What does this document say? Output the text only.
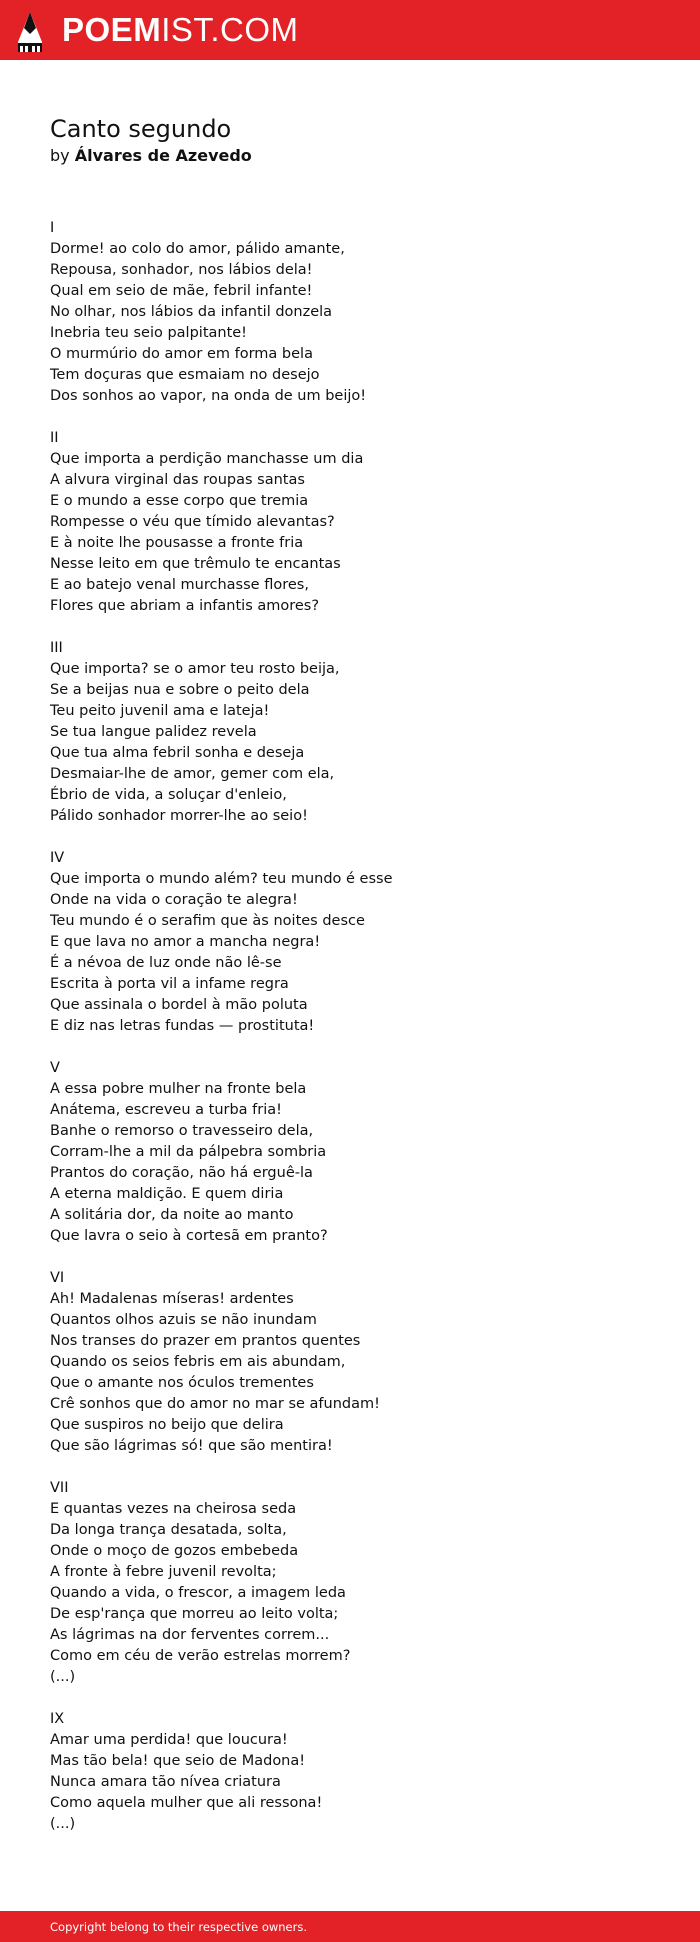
POEMIST.COM
Canto segundo
by Álvares de Azevedo
I
Dorme! ao colo do amor, pálido amante,
Repousa, sonhador, nos lábios dela!
Qual em seio de mãe, febril infante!
No olhar, nos lábios da infantil donzela
Inebria teu seio palpitante!
O murmúrio do amor em forma bela
Tem doçuras que esmaiam no desejo
Dos sonhos ao vapor, na onda de um beijo!
II
Que importa a perdição manchasse um dia
A alvura virginal das roupas santas
E o mundo a esse corpo que tremia
Rompesse o véu que tímido alevantas?
E à noite lhe pousasse a fronte fria
Nesse leito em que trêmulo te encantas
E ao batejo venal murchasse flores,
Flores que abriam a infantis amores?
III
Que importa? se o amor teu rosto beija,
Se a beijas nua e sobre o peito dela
Teu peito juvenil ama e lateja!
Se tua langue palidez revela
Que tua alma febril sonha e deseja
Desmaiar-lhe de amor, gemer com ela,
Ébrio de vida, a soluçar d'enleio,
Pálido sonhador morrer-lhe ao seio!
IV
Que importa o mundo além? teu mundo é esse
Onde na vida o coração te alegra!
Teu mundo é o serafim que às noites desce
E que lava no amor a mancha negra!
É a névoa de luz onde não lê-se
Escrita à porta vil a infame regra
Que assinala o bordel à mão poluta
E diz nas letras fundas — prostituta!
V
A essa pobre mulher na fronte bela
Anátema, escreveu a turba fria!
Banhe o remorso o travesseiro dela,
Corram-lhe a mil da pálpebra sombria
Prantos do coração, não há erguê-la
A eterna maldição. E quem diria
A solitária dor, da noite ao manto
Que lavra o seio à cortesã em pranto?
VI
Ah! Madalenas míseras! ardentes
Quantos olhos azuis se não inundam
Nos transes do prazer em prantos quentes
Quando os seios febris em ais abundam,
Que o amante nos óculos trementes
Crê sonhos que do amor no mar se afundam!
Que suspiros no beijo que delira
Que são lágrimas só! que são mentira!
VII
E quantas vezes na cheirosa seda
Da longa trança desatada, solta,
Onde o moço de gozos embebeda
A fronte à febre juvenil revolta;
Quando a vida, o frescor, a imagem leda
De esp'rança que morreu ao leito volta;
As lágrimas na dor ferventes correm...
Como em céu de verão estrelas morrem?
(...)
IX
Amar uma perdida! que loucura!
Mas tão bela! que seio de Madona!
Nunca amara tão nívea criatura
Como aquela mulher que ali ressona!
(...)
Copyright belong to their respective owners.
